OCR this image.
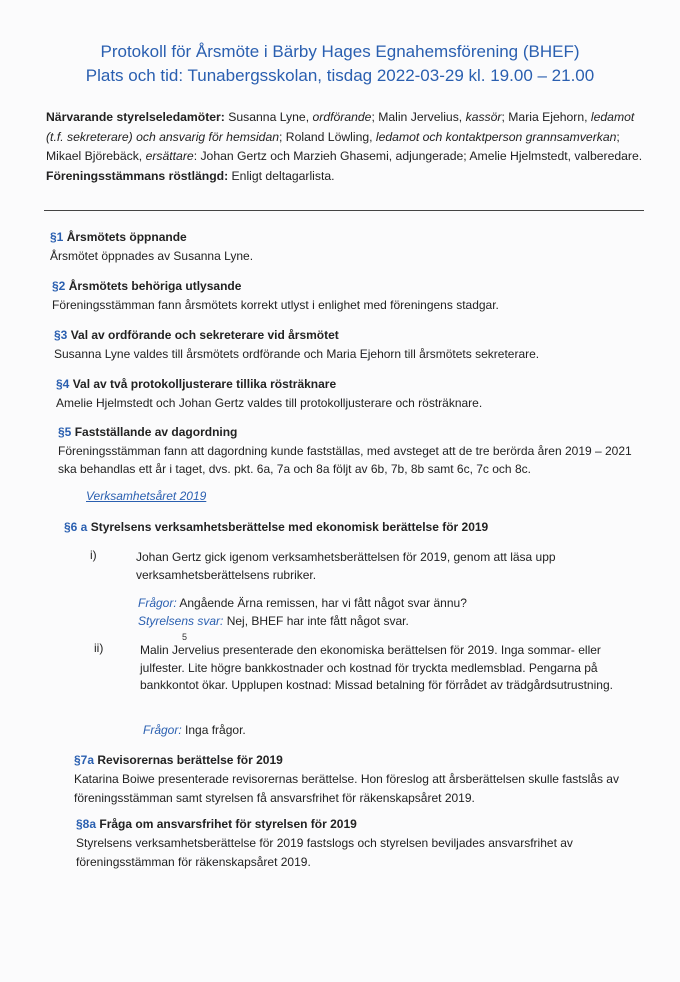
Protokoll för Årsmöte i Bärby Hages Egnahemsförening (BHEF)
Plats och tid: Tunabergsskolan, tisdag 2022-03-29 kl. 19.00 – 21.00
Närvarande styrelseledamöter: Susanna Lyne, ordförande; Malin Jervelius, kassör; Maria Ejehorn, ledamot (t.f. sekreterare) och ansvarig för hemsidan; Roland Löwling, ledamot och kontaktperson grannsamverkan; Mikael Björebäck, ersättare: Johan Gertz och Marzieh Ghasemi, adjungerade; Amelie Hjelmstedt, valberedare.
Föreningsstämmans röstlängd: Enligt deltagarlista.
§1 Årsmötets öppnande
Årsmötet öppnades av Susanna Lyne.
§2 Årsmötets behöriga utlysande
Föreningsstämman fann årsmötets korrekt utlyst i enlighet med föreningens stadgar.
§3 Val av ordförande och sekreterare vid årsmötet
Susanna Lyne valdes till årsmötets ordförande och Maria Ejehorn till årsmötets sekreterare.
§4 Val av två protokolljusterare tillika rösträknare
Amelie Hjelmstedt och Johan Gertz valdes till protokolljusterare och rösträknare.
§5 Fastställande av dagordning
Föreningsstämman fann att dagordning kunde fastställas, med avsteget att de tre berörda åren 2019 – 2021 ska behandlas ett år i taget, dvs. pkt. 6a, 7a och 8a följt av 6b, 7b, 8b samt 6c, 7c och 8c.
Verksamhetsåret 2019
§6 a Styrelsens verksamhetsberättelse med ekonomisk berättelse för 2019
i)	Johan Gertz gick igenom verksamhetsberättelsen för 2019, genom att läsa upp verksamhetsberättelsens rubriker.
Frågor: Angående Ärna remissen, har vi fått något svar ännu?
Styrelsens svar: Nej, BHEF har inte fått något svar.
ii)
5
Malin Jervelius presenterade den ekonomiska berättelsen för 2019. Inga sommar- eller julfester. Lite högre bankkostnader och kostnad för tryckta medlemsblad. Pengarna på bankkontot ökar. Upplupen kostnad: Missad betalning för förrådet av trädgårdsutrustning.
Frågor: Inga frågor.
§7a Revisorernas berättelse för 2019
Katarina Boiwe presenterade revisorernas berättelse. Hon föreslog att årsberättelsen skulle fastslås av föreningsstämman samt styrelsen få ansvarsfrihet för räkenskapsåret 2019.
§8a Fråga om ansvarsfrihet för styrelsen för 2019
Styrelsens verksamhetsberättelse för 2019 fastslogs och styrelsen beviljades ansvarsfrihet av föreningsstämman för räkenskapsåret 2019.
